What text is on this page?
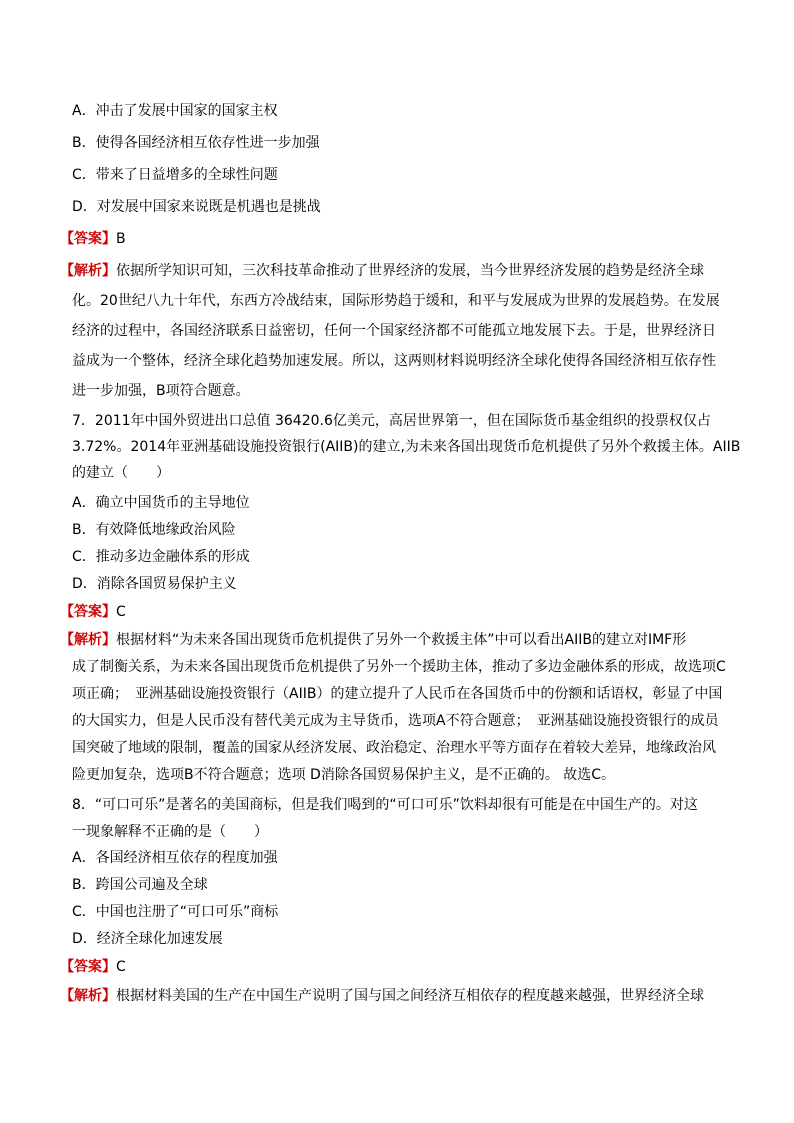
A．冲击了发展中国家的国家主权
B．使得各国经济相互依存性进一步加强
C．带来了日益增多的全球性问题
D．对发展中国家来说既是机遇也是挑战
【答案】B
【解析】依据所学知识可知，三次科技革命推动了世界经济的发展，当今世界经济发展的趋势是经济全球
化。20世纪八九十年代，东西方冷战结束，国际形势趋于缓和，和平与发展成为世界的发展趋势。在发展
经济的过程中，各国经济联系日益密切，任何一个国家经济都不可能孤立地发展下去。于是，世界经济日
益成为一个整体，经济全球化趋势加速发展。所以，这两则材料说明经济全球化使得各国经济相互依存性
进一步加强，B项符合题意。
7．2011年中国外贸进出口总值 36420.6亿美元，高居世界第一，但在国际货币基金组织的投票权仅占
3.72%。2014年亚洲基础设施投资银行(AIIB)的建立,为未来各国出现货币危机提供了另外个救援主体。AIIB
的建立（　　）
A．确立中国货币的主导地位
B．有效降低地缘政治风险
C．推动多边金融体系的形成
D．消除各国贸易保护主义
【答案】C
【解析】根据材料“为未来各国出现货币危机提供了另外一个救援主体”中可以看出AIIB的建立对IMF形
成了制衡关系，为未来各国出现货币危机提供了另外一个援助主体，推动了多边金融体系的形成，故选项C
项正确；　亚洲基础设施投资银行（AIIB）的建立提升了人民币在各国货币中的份额和话语权，彰显了中国
的大国实力，但是人民币没有替代美元成为主导货币，选项A不符合题意；　亚洲基础设施投资银行的成员
国突破了地域的限制，覆盖的国家从经济发展、政治稳定、治理水平等方面存在着较大差异，地缘政治风
险更加复杂，选项B不符合题意；选项 D消除各国贸易保护主义，是不正确的。 故选C。
8．“可口可乐”是著名的美国商标，但是我们喝到的“可口可乐”饮料却很有可能是在中国生产的。对这
一现象解释不正确的是（　　）
A．各国经济相互依存的程度加强
B．跨国公司遍及全球
C．中国也注册了“可口可乐”商标
D．经济全球化加速发展
【答案】C
【解析】根据材料美国的生产在中国生产说明了国与国之间经济互相依存的程度越来越强，世界经济全球
